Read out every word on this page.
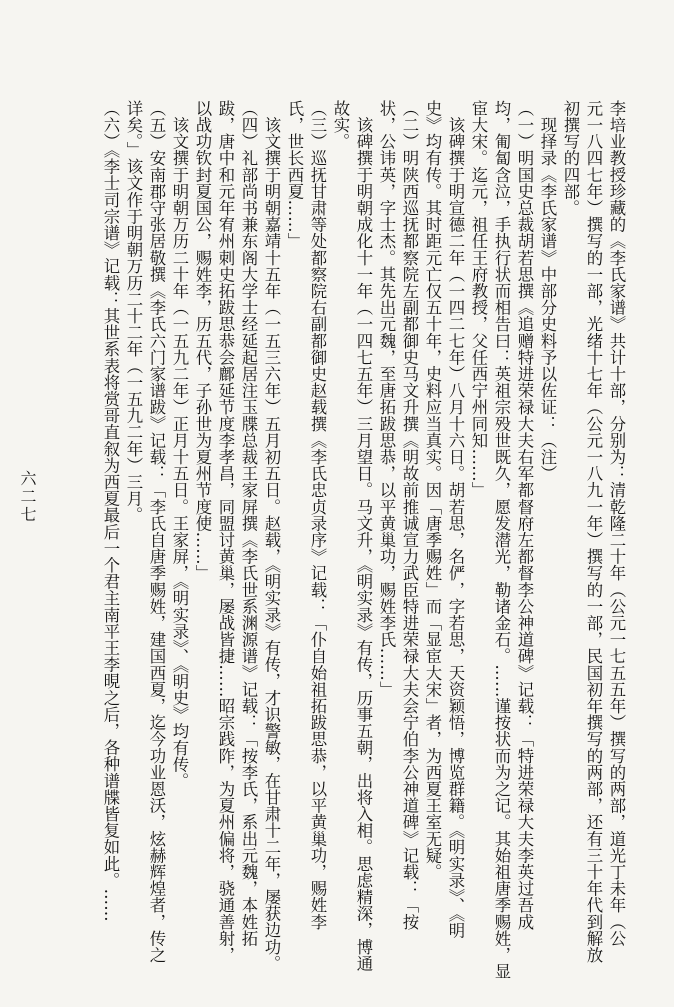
李培业教授珍藏的《李氏家谱》共计十部，分别为：清乾隆二十年（公元一七五五年）撰写的两部，道光丁未年（公
元一八四七年）撰写的一部，光绪十七年（公元一八九一年）撰写的一部，民国初年撰写的两部，还有三十年代到解放
初撰写的四部。
　现择录《李氏家谱》中部分史料予以佐证：（注）
（一）明国史总裁胡若思撰《追赠特进荣禄大夫右军都督府左都督李公神道碑》记载：「特进荣禄大夫李英过吾成
均，匍匐含泣，手执行状而相告曰：英祖宗殁世既久，愿发潜光，勒诸金石。……谨按状而为之记。其始祖唐季赐姓，显
宦大宋。迄元，祖任王府教授，父任西宁州同知……」
　该碑撰于明宣德二年（一四二七年）八月十六日。胡若思，名俨，字若思，天资颖悟，博览群籍。《明实录》、《明
史》均有传。其时距元亡仅五十年，史料应当真实。因「唐季赐姓」而「显宦大宋」者，为西夏王室无疑。
（二）明陕西巡抚都察院左副都御史马文升撰《明故前推诚宣力武臣特进荣禄大夫会宁伯李公神道碑》记载：「按
状，公讳英，字士杰。其先出元魏，至唐拓跋思恭，以平黄巢功，赐姓李氏……」
　该碑撰于明朝成化十一年（一四七五年）三月望日。马文升，《明实录》有传，历事五朝，出将入相。思虑精深，博通
故实。
（三）巡抚甘肃等处都察院右副都御史赵载撰《李氏忠贞录序》记载：「仆自始祖拓跋思恭，以平黄巢功，赐姓李
氏，世长西夏……」
　该文撰于明朝嘉靖十五年（一五三六年）五月初五日。赵载，《明实录》有传，才识警敏，在甘肃十二年，屡获边功。
（四）礼部尚书兼东阁大学士经延起居注玉牒总裁王家屏撰《李氏世系渊源谱》记载：「按李氏，系出元魏，本姓拓
跋，唐中和元年宥州刺史拓跋思恭会鄜延节度李孝昌，同盟讨黄巢，屡战皆捷……昭宗践阼，为夏州偏将，骁通善射，
以战功钦封夏国公，赐姓李，历五代，子孙世为夏州节度使……」
　该文撰于明朝万历二十年（一五九二年）正月十五日。王家屏，《明实录》、《明史》均有传。
（五）安南郡守张居敬撰《李氏六门家谱跋》记载：「李氏自唐季赐姓，建国西夏，迄今功业恩沃，炫赫辉煌者，传之
详矣。」该文作于明朝万历二十二年（一五九二年）三月。
（六）《李士司宗谱》记载：其世系表将赏哥直叙为西夏最后一个君主南平王李晛之后，各种谱牒皆复如此。……
六二七
